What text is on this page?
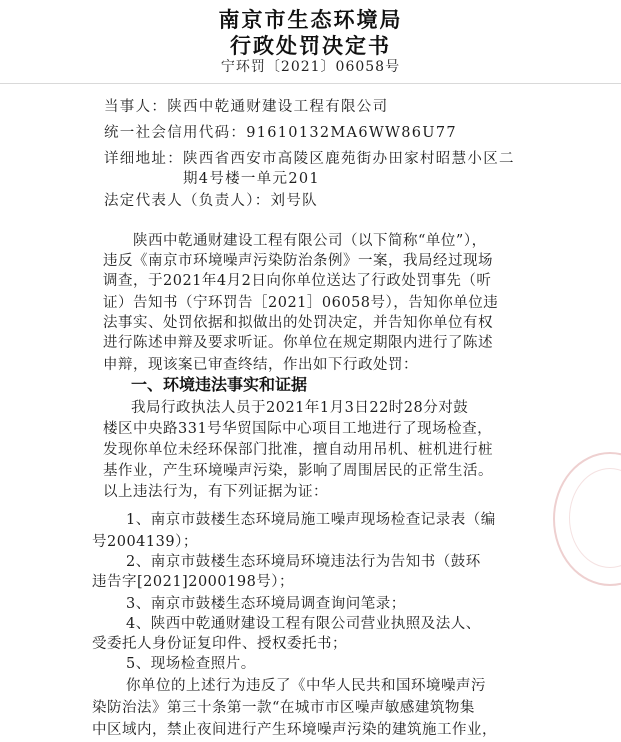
南京市生态环境局
行政处罚决定书
宁环罚〔2021〕06058号
当事人：陕西中乾通财建设工程有限公司
统一社会信用代码：91610132MA6WW86U77
详细地址：陕西省西安市高陵区鹿苑街办田家村昭慧小区二
期4号楼一单元201
法定代表人（负责人）：刘号队
陕西中乾通财建设工程有限公司（以下简称“单位”），
违反《南京市环境噪声污染防治条例》一案，我局经过现场
调查，于2021年4月2日向你单位送达了行政处罚事先（听
证）告知书（宁环罚告［2021］06058号），告知你单位违
法事实、处罚依据和拟做出的处罚决定，并告知你单位有权
进行陈述申辩及要求听证。你单位在规定期限内进行了陈述
申辩，现该案已审查终结，作出如下行政处罚：
一、环境违法事实和证据
我局行政执法人员于2021年1月3日22时28分对鼓
楼区中央路331号华贸国际中心项目工地进行了现场检查，
发现你单位未经环保部门批准，擅自动用吊机、桩机进行桩
基作业，产生环境噪声污染，影响了周围居民的正常生活。
以上违法行为，有下列证据为证：
1、南京市鼓楼生态环境局施工噪声现场检查记录表（编
号2004139）；
2、南京市鼓楼生态环境局环境违法行为告知书（鼓环
违告字[2021]2000198号）；
3、南京市鼓楼生态环境局调查询问笔录；
4、陕西中乾通财建设工程有限公司营业执照及法人、
受委托人身份证复印件、授权委托书；
5、现场检查照片。
你单位的上述行为违反了《中华人民共和国环境噪声污
染防治法》第三十条第一款“在城市市区噪声敏感建筑物集
中区域内，禁止夜间进行产生环境噪声污染的建筑施工作业，
